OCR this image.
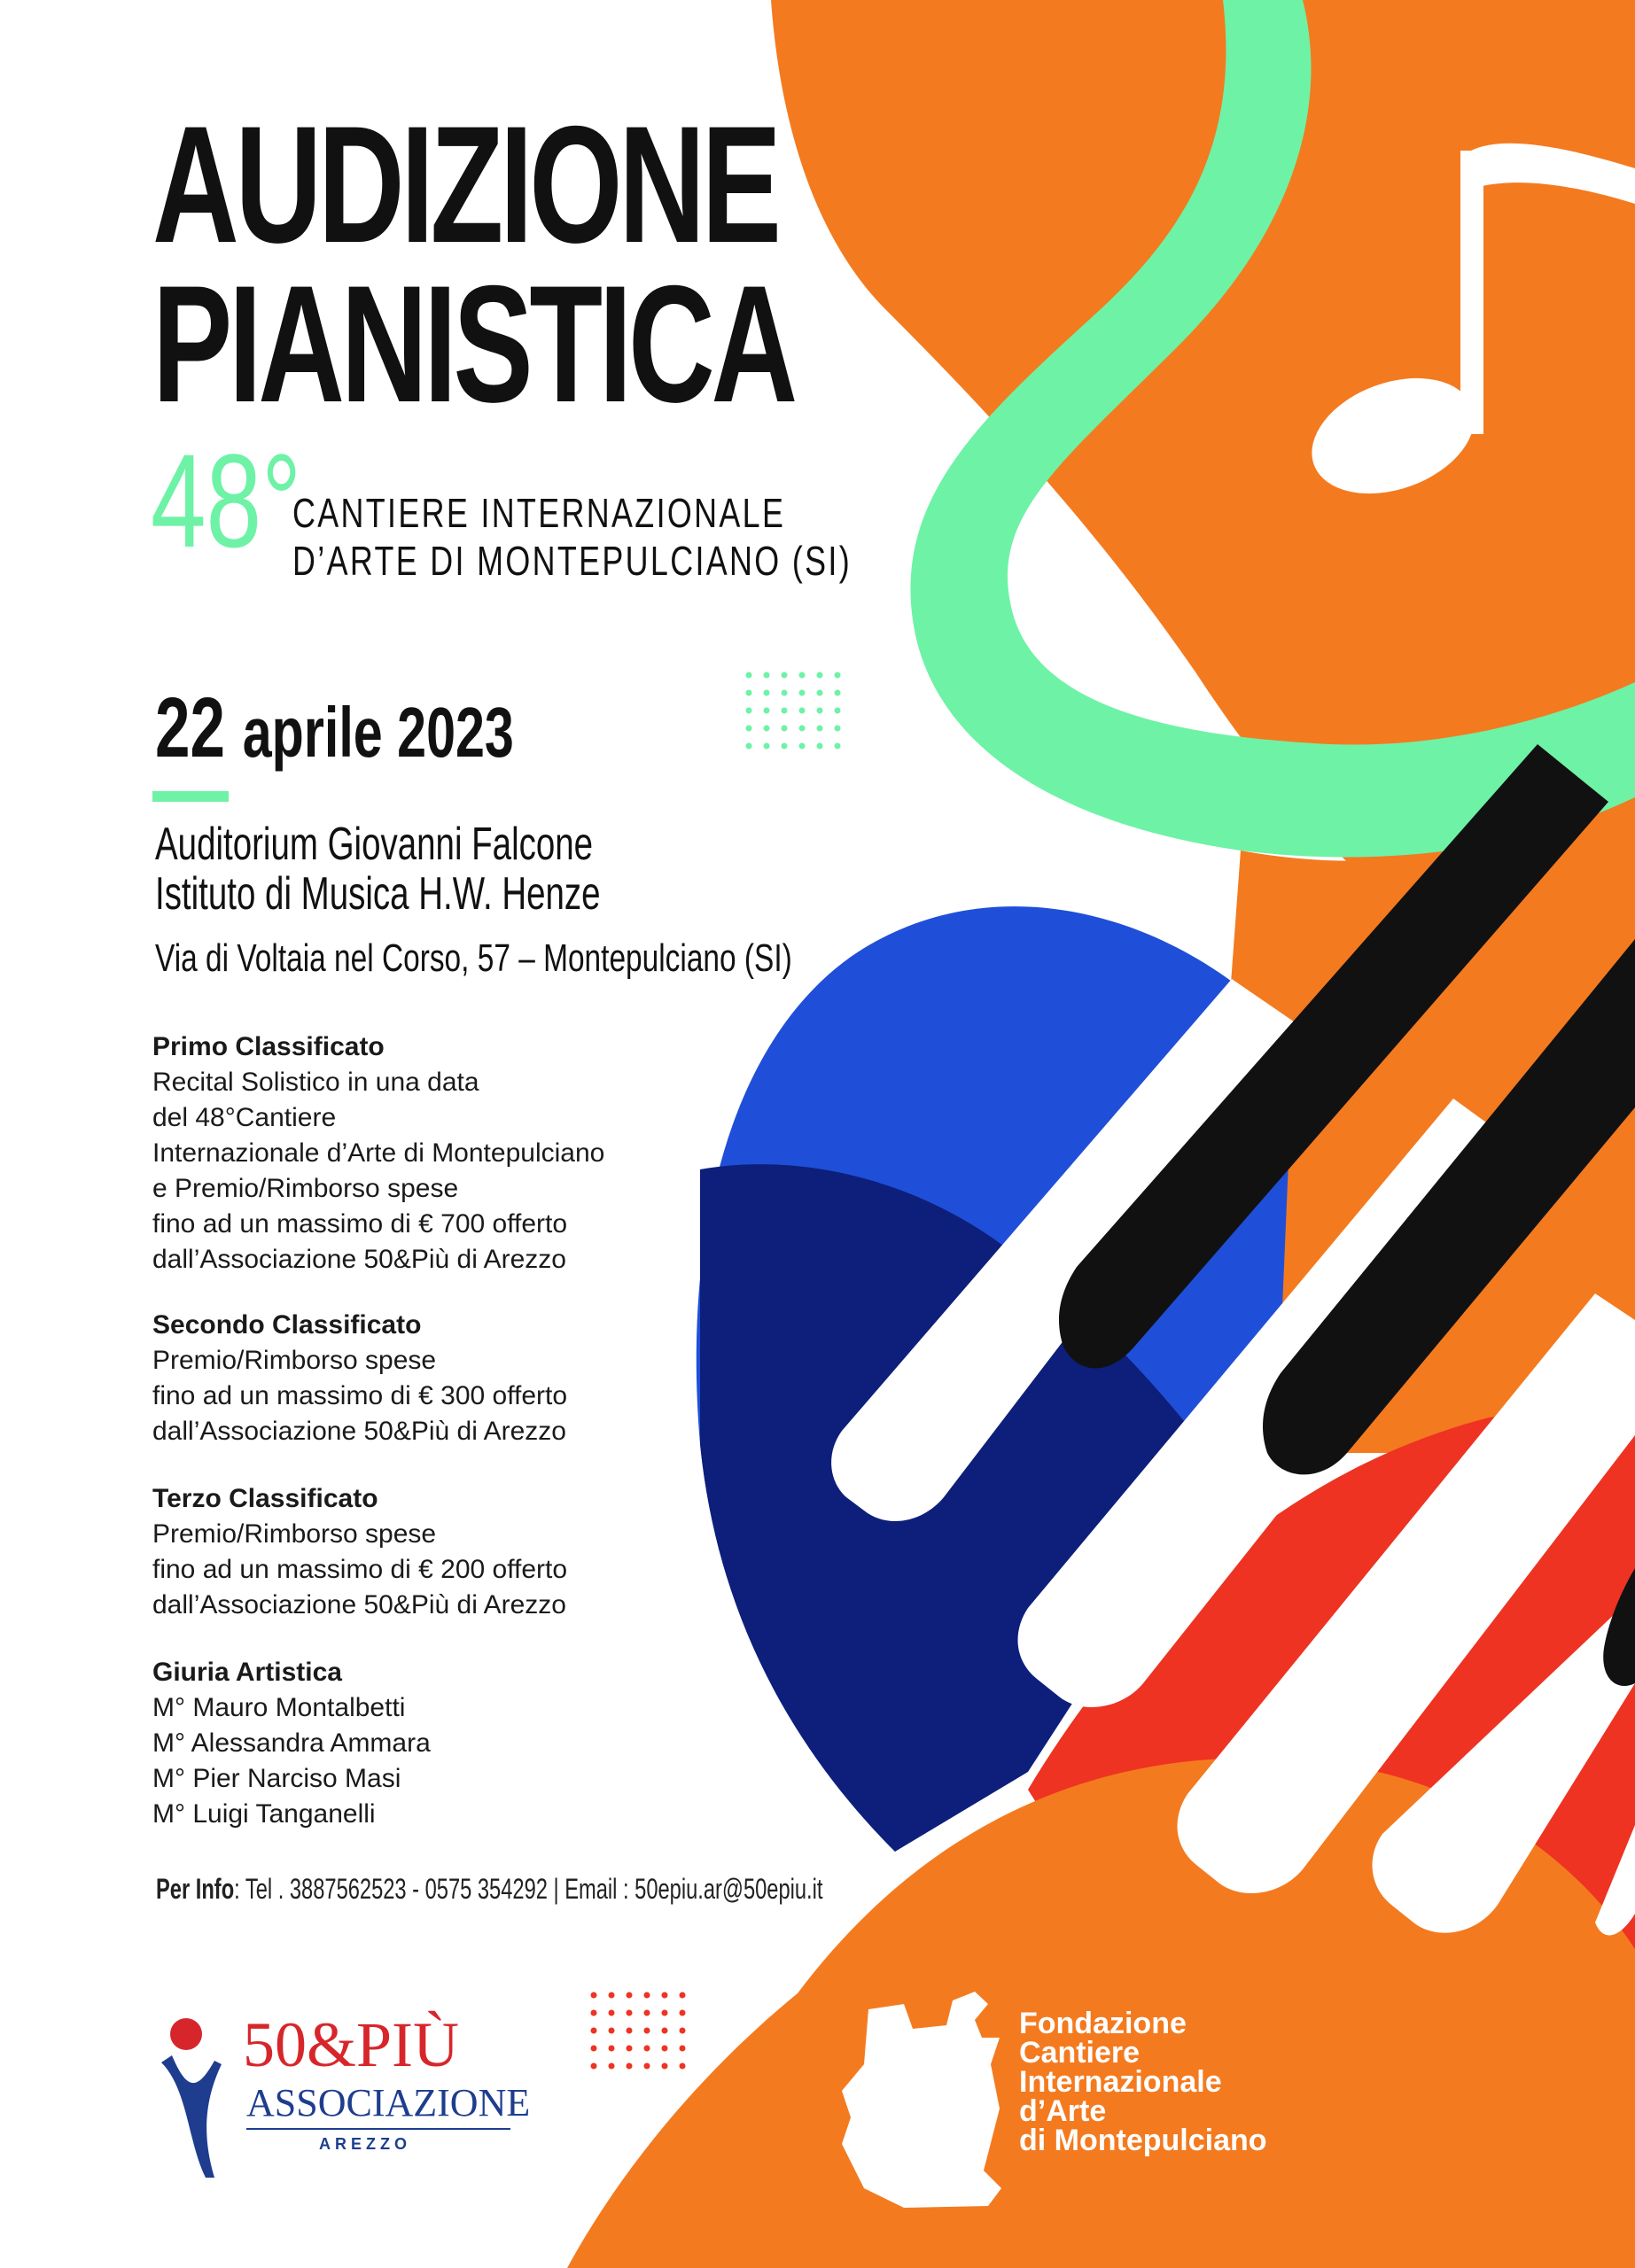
AUDIZIONE
PIANISTICA
48°
CANTIERE INTERNAZIONALE
D’ARTE DI MONTEPULCIANO (SI)
22 aprile 2023
Auditorium Giovanni Falcone
Istituto di Musica H.W. Henze
Via di Voltaia nel Corso, 57 – Montepulciano (SI)
Primo Classificato
Recital Solistico in una data
del 48°Cantiere
Internazionale d’Arte di Montepulciano
e Premio/Rimborso spese
fino ad un massimo di € 700 offerto
dall’Associazione 50&Più di Arezzo
Secondo Classificato
Premio/Rimborso spese
fino ad un massimo di € 300 offerto
dall’Associazione 50&Più di Arezzo
Terzo Classificato
Premio/Rimborso spese
fino ad un massimo di € 200 offerto
dall’Associazione 50&Più di Arezzo
Giuria Artistica
M° Mauro Montalbetti
M° Alessandra Ammara
M° Pier Narciso Masi
M° Luigi Tanganelli
Per Info: Tel . 3887562523 - 0575 354292 | Email : 50epiu.ar@50epiu.it
50&PIÙ
ASSOCIAZIONE
AREZZO
Fondazione
Cantiere
Internazionale
d’Arte
di Montepulciano
